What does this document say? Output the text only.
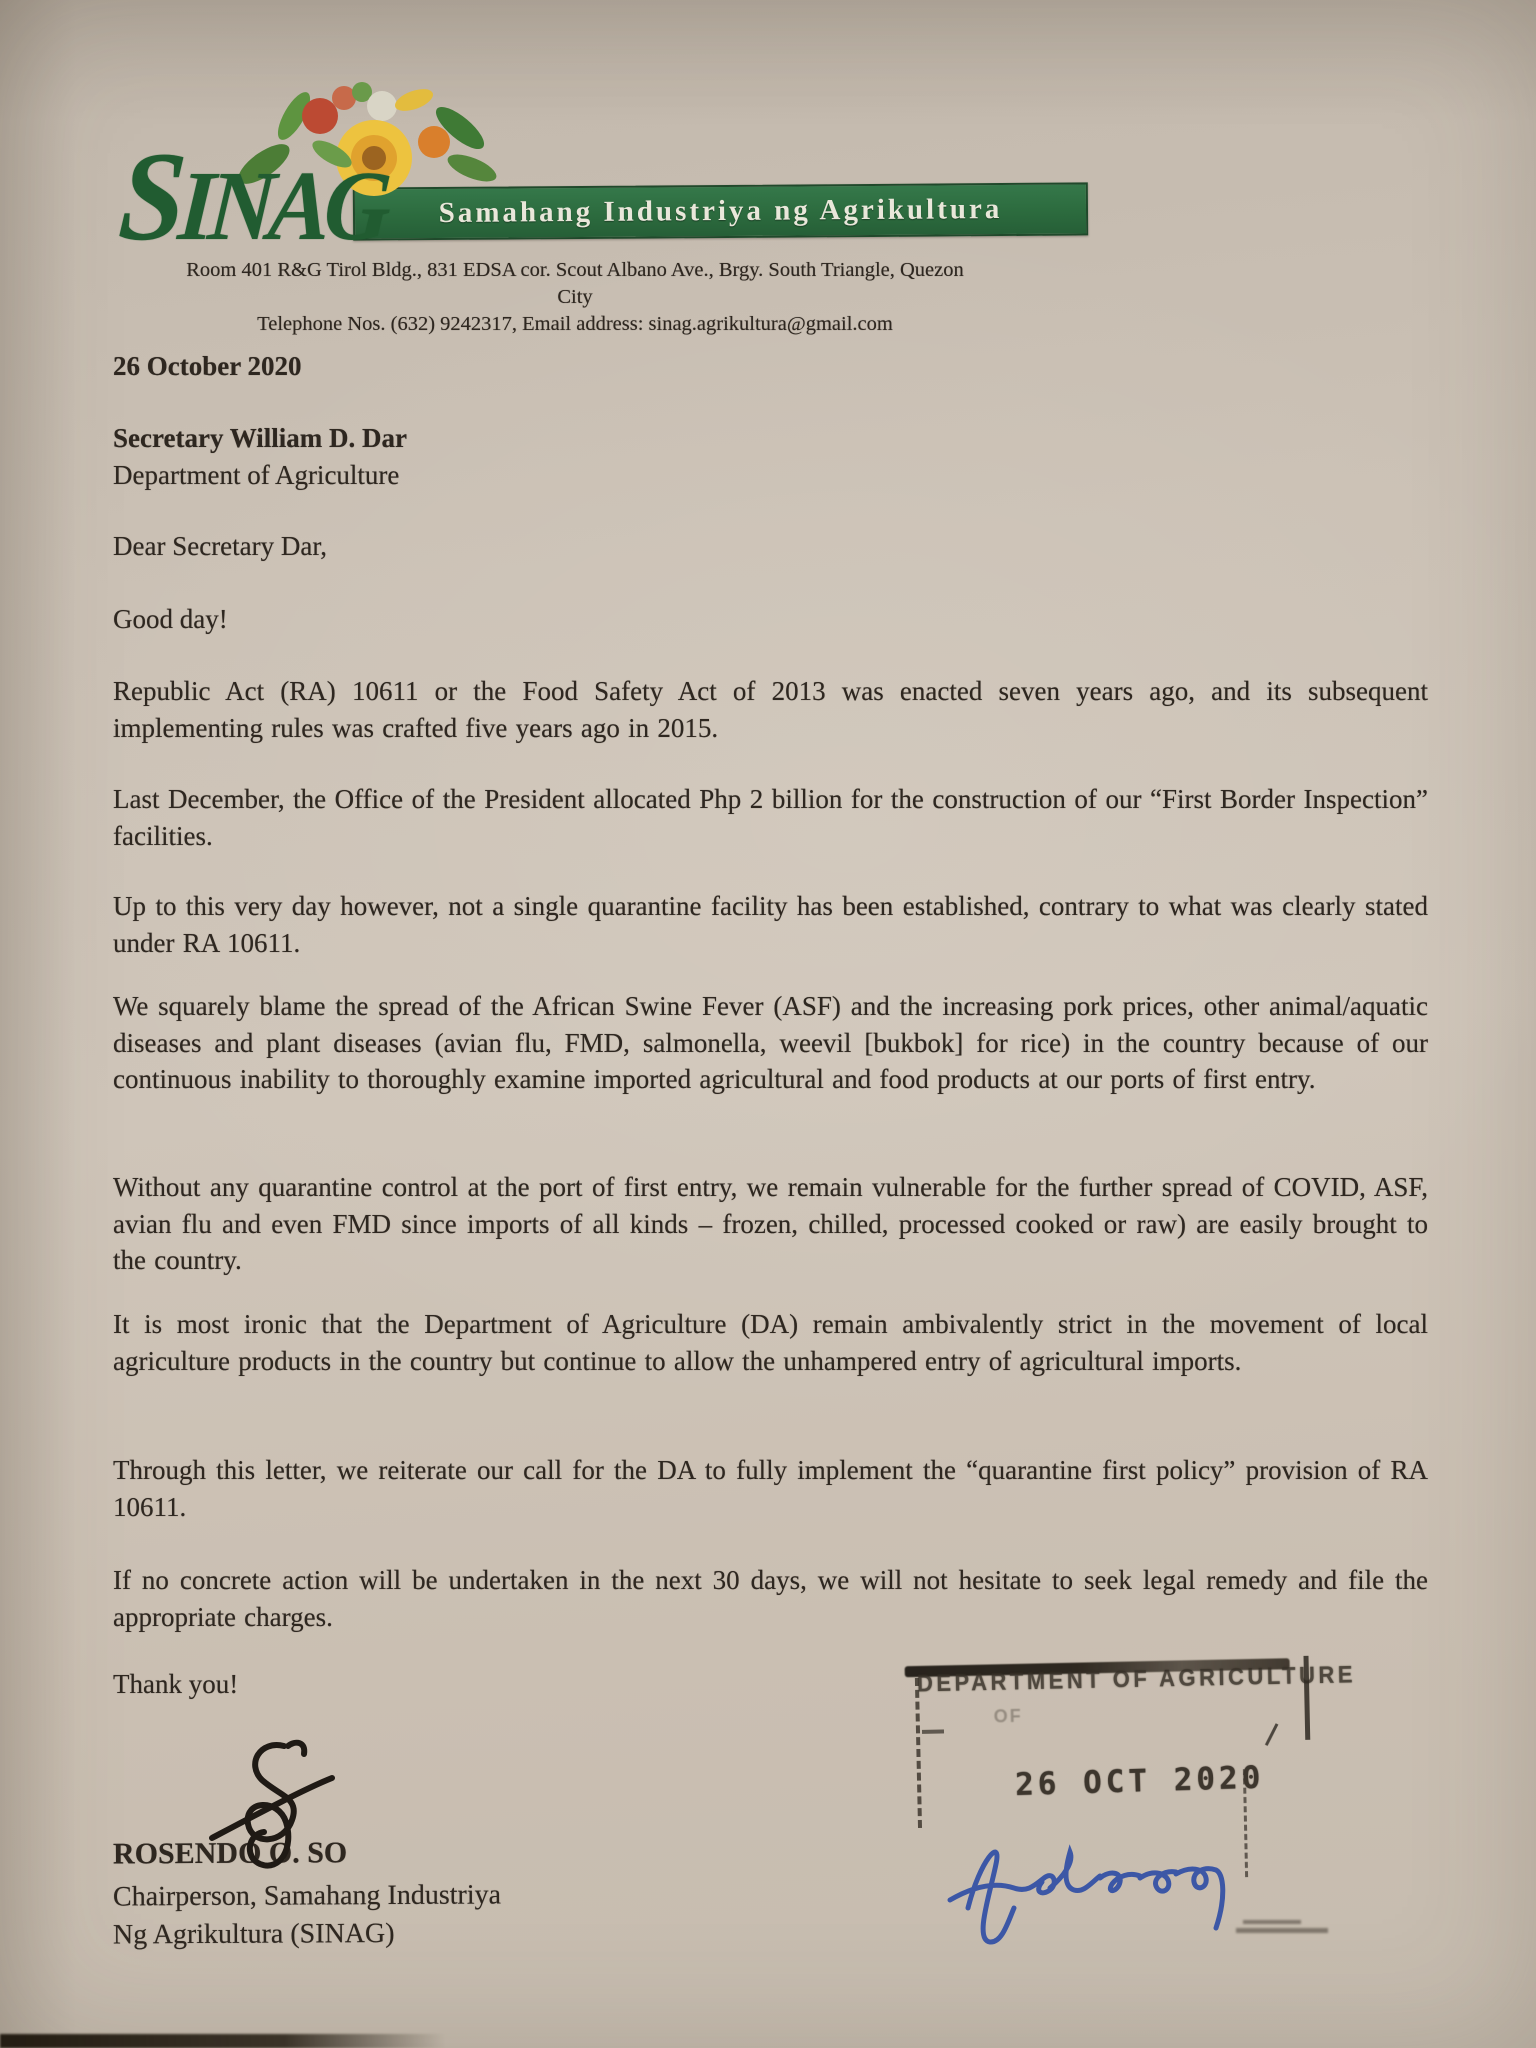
SINAG	Samahang Industriya ng Agrikultura
Room 401 R&G Tirol Bldg., 831 EDSA cor. Scout Albano Ave., Brgy. South Triangle, Quezon City
Telephone Nos. (632) 9242317, Email address: sinag.agrikultura@gmail.com
26 October 2020
Secretary William D. Dar
Department of Agriculture
Dear Secretary Dar,
Good day!
Republic Act (RA) 10611 or the Food Safety Act of 2013 was enacted seven years ago, and its subsequent implementing rules was crafted five years ago in 2015.
Last December, the Office of the President allocated Php 2 billion for the construction of our “First Border Inspection” facilities.
Up to this very day however, not a single quarantine facility has been established, contrary to what was clearly stated under RA 10611.
We squarely blame the spread of the African Swine Fever (ASF) and the increasing pork prices, other animal/aquatic diseases and plant diseases (avian flu, FMD, salmonella, weevil [bukbok] for rice) in the country because of our continuous inability to thoroughly examine imported agricultural and food products at our ports of first entry.
Without any quarantine control at the port of first entry, we remain vulnerable for the further spread of COVID, ASF, avian flu and even FMD since imports of all kinds – frozen, chilled, processed cooked or raw) are easily brought to the country.
It is most ironic that the Department of Agriculture (DA) remain ambivalently strict in the movement of local agriculture products in the country but continue to allow the unhampered entry of agricultural imports.
Through this letter, we reiterate our call for the DA to fully implement the “quarantine first policy” provision of RA 10611.
If no concrete action will be undertaken in the next 30 days, we will not hesitate to seek legal remedy and file the appropriate charges.
Thank you!
ROSENDO O. SO
Chairperson, Samahang Industriya
Ng Agrikultura (SINAG)
DEPARTMENT OF AGRICULTURE
OF
26 OCT 2020
